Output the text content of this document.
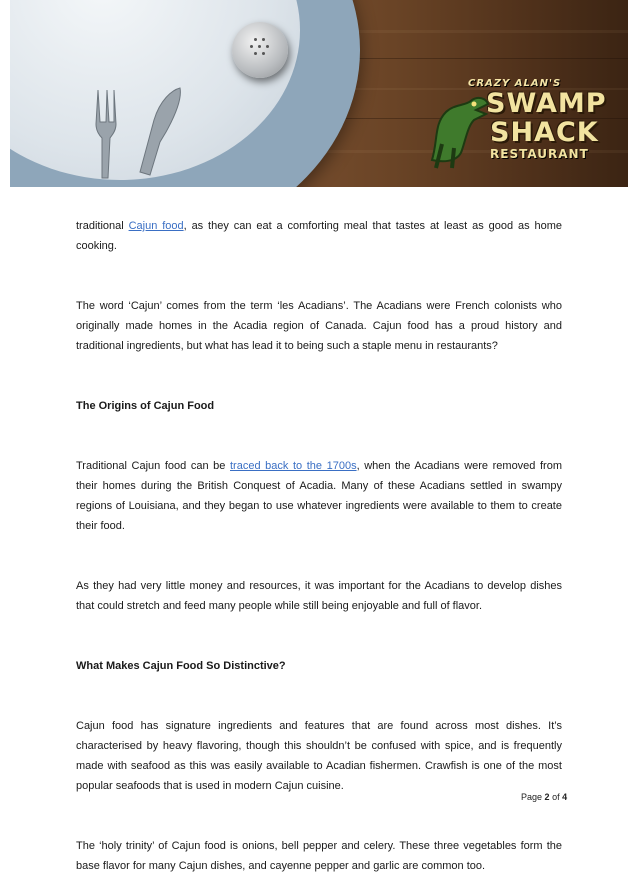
CRAZY ALAN'S
SWAMP
SHACK
RESTAURANT

traditional Cajun food, as they can eat a comforting meal that tastes at least as good as home cooking.

The word ‘Cajun’ comes from the term ‘les Acadians’. The Acadians were French colonists who originally made homes in the Acadia region of Canada. Cajun food has a proud history and traditional ingredients, but what has lead it to being such a staple menu in restaurants?

The Origins of Cajun Food

Traditional Cajun food can be traced back to the 1700s, when the Acadians were removed from their homes during the British Conquest of Acadia. Many of these Acadians settled in swampy regions of Louisiana, and they began to use whatever ingredients were available to them to create their food.

As they had very little money and resources, it was important for the Acadians to develop dishes that could stretch and feed many people while still being enjoyable and full of flavor.

What Makes Cajun Food So Distinctive?

Cajun food has signature ingredients and features that are found across most dishes. It’s characterised by heavy flavoring, though this shouldn’t be confused with spice, and is frequently made with seafood as this was easily available to Acadian fishermen. Crawfish is one of the most popular seafoods that is used in modern Cajun cuisine.

The ‘holy trinity’ of Cajun food is onions, bell pepper and celery. These three vegetables form the base flavor for many Cajun dishes, and cayenne pepper and garlic are common too.

Page 2 of 4
